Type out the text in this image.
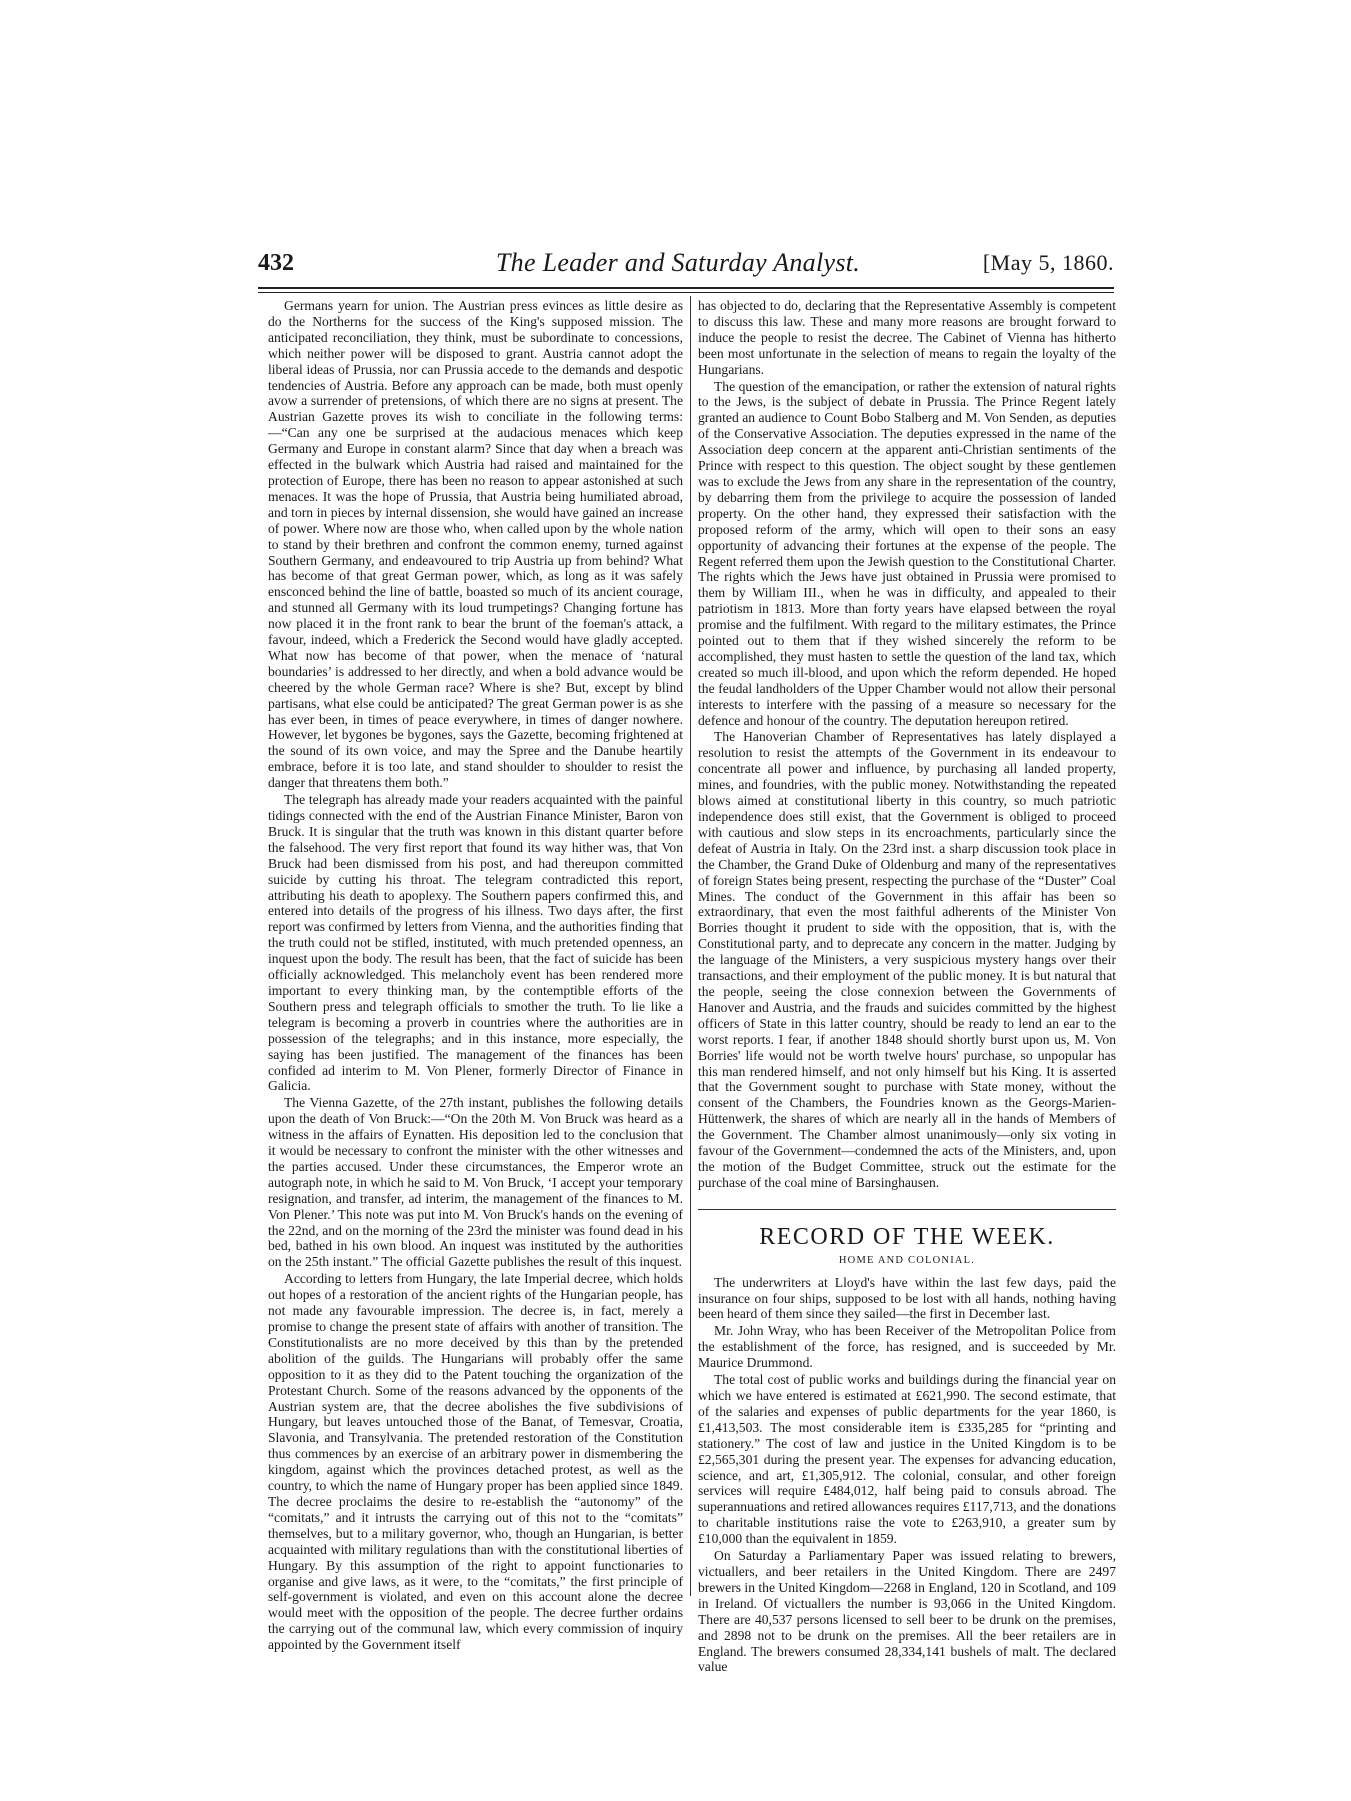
432	The Leader and Saturday Analyst.	[May 5, 1860.

Germans yearn for union. The Austrian press evinces as little desire as do the Northerns for the success of the King's supposed mission. The anticipated reconciliation, they think, must be subordinate to concessions, which neither power will be disposed to grant. Austria cannot adopt the liberal ideas of Prussia, nor can Prussia accede to the demands and despotic tendencies of Austria. Before any approach can be made, both must openly avow a surrender of pretensions, of which there are no signs at present. The Austrian Gazette proves its wish to conciliate in the following terms:—“Can any one be surprised at the audacious menaces which keep Germany and Europe in constant alarm? Since that day when a breach was effected in the bulwark which Austria had raised and maintained for the protection of Europe, there has been no reason to appear astonished at such menaces. It was the hope of Prussia, that Austria being humiliated abroad, and torn in pieces by internal dissension, she would have gained an increase of power. Where now are those who, when called upon by the whole nation to stand by their brethren and confront the common enemy, turned against Southern Germany, and endeavoured to trip Austria up from behind? What has become of that great German power, which, as long as it was safely ensconced behind the line of battle, boasted so much of its ancient courage, and stunned all Germany with its loud trumpetings? Changing fortune has now placed it in the front rank to bear the brunt of the foeman's attack, a favour, indeed, which a Frederick the Second would have gladly accepted. What now has become of that power, when the menace of ‘natural boundaries’ is addressed to her directly, and when a bold advance would be cheered by the whole German race? Where is she? But, except by blind partisans, what else could be anticipated? The great German power is as she has ever been, in times of peace everywhere, in times of danger nowhere. However, let bygones be bygones, says the Gazette, becoming frightened at the sound of its own voice, and may the Spree and the Danube heartily embrace, before it is too late, and stand shoulder to shoulder to resist the danger that threatens them both.”

The telegraph has already made your readers acquainted with the painful tidings connected with the end of the Austrian Finance Minister, Baron von Bruck. It is singular that the truth was known in this distant quarter before the falsehood. The very first report that found its way hither was, that Von Bruck had been dismissed from his post, and had thereupon committed suicide by cutting his throat. The telegram contradicted this report, attributing his death to apoplexy. The Southern papers confirmed this, and entered into details of the progress of his illness. Two days after, the first report was confirmed by letters from Vienna, and the authorities finding that the truth could not be stifled, instituted, with much pretended openness, an inquest upon the body. The result has been, that the fact of suicide has been officially acknowledged. This melancholy event has been rendered more important to every thinking man, by the contemptible efforts of the Southern press and telegraph officials to smother the truth. To lie like a telegram is becoming a proverb in countries where the authorities are in possession of the telegraphs; and in this instance, more especially, the saying has been justified. The management of the finances has been confided ad interim to M. Von Plener, formerly Director of Finance in Galicia.

The Vienna Gazette, of the 27th instant, publishes the following details upon the death of Von Bruck:—“On the 20th M. Von Bruck was heard as a witness in the affairs of Eynatten. His deposition led to the conclusion that it would be necessary to confront the minister with the other witnesses and the parties accused. Under these circumstances, the Emperor wrote an autograph note, in which he said to M. Von Bruck, ‘I accept your temporary resignation, and transfer, ad interim, the management of the finances to M. Von Plener.’ This note was put into M. Von Bruck's hands on the evening of the 22nd, and on the morning of the 23rd the minister was found dead in his bed, bathed in his own blood. An inquest was instituted by the authorities on the 25th instant.” The official Gazette publishes the result of this inquest.

According to letters from Hungary, the late Imperial decree, which holds out hopes of a restoration of the ancient rights of the Hungarian people, has not made any favourable impression. The decree is, in fact, merely a promise to change the present state of affairs with another of transition. The Constitutionalists are no more deceived by this than by the pretended abolition of the guilds. The Hungarians will probably offer the same opposition to it as they did to the Patent touching the organization of the Protestant Church. Some of the reasons advanced by the opponents of the Austrian system are, that the decree abolishes the five subdivisions of Hungary, but leaves untouched those of the Banat, of Temesvar, Croatia, Slavonia, and Transylvania. The pretended restoration of the Constitution thus commences by an exercise of an arbitrary power in dismembering the kingdom, against which the provinces detached protest, as well as the country, to which the name of Hungary proper has been applied since 1849. The decree proclaims the desire to re-establish the “autonomy” of the “comitats,” and it intrusts the carrying out of this not to the “comitats” themselves, but to a military governor, who, though an Hungarian, is better acquainted with military regulations than with the constitutional liberties of Hungary. By this assumption of the right to appoint functionaries to organise and give laws, as it were, to the “comitats,” the first principle of self-government is violated, and even on this account alone the decree would meet with the opposition of the people. The decree further ordains the carrying out of the communal law, which every commission of inquiry appointed by the Government itself

has objected to do, declaring that the Representative Assembly is competent to discuss this law. These and many more reasons are brought forward to induce the people to resist the decree. The Cabinet of Vienna has hitherto been most unfortunate in the selection of means to regain the loyalty of the Hungarians.

The question of the emancipation, or rather the extension of natural rights to the Jews, is the subject of debate in Prussia. The Prince Regent lately granted an audience to Count Bobo Stalberg and M. Von Senden, as deputies of the Conservative Association. The deputies expressed in the name of the Association deep concern at the apparent anti-Christian sentiments of the Prince with respect to this question. The object sought by these gentlemen was to exclude the Jews from any share in the representation of the country, by debarring them from the privilege to acquire the possession of landed property. On the other hand, they expressed their satisfaction with the proposed reform of the army, which will open to their sons an easy opportunity of advancing their fortunes at the expense of the people. The Regent referred them upon the Jewish question to the Constitutional Charter. The rights which the Jews have just obtained in Prussia were promised to them by William III., when he was in difficulty, and appealed to their patriotism in 1813. More than forty years have elapsed between the royal promise and the fulfilment. With regard to the military estimates, the Prince pointed out to them that if they wished sincerely the reform to be accomplished, they must hasten to settle the question of the land tax, which created so much ill-blood, and upon which the reform depended. He hoped the feudal landholders of the Upper Chamber would not allow their personal interests to interfere with the passing of a measure so necessary for the defence and honour of the country. The deputation hereupon retired.

The Hanoverian Chamber of Representatives has lately displayed a resolution to resist the attempts of the Government in its endeavour to concentrate all power and influence, by purchasing all landed property, mines, and foundries, with the public money. Notwithstanding the repeated blows aimed at constitutional liberty in this country, so much patriotic independence does still exist, that the Government is obliged to proceed with cautious and slow steps in its encroachments, particularly since the defeat of Austria in Italy. On the 23rd inst. a sharp discussion took place in the Chamber, the Grand Duke of Oldenburg and many of the representatives of foreign States being present, respecting the purchase of the “Duster” Coal Mines. The conduct of the Government in this affair has been so extraordinary, that even the most faithful adherents of the Minister Von Borries thought it prudent to side with the opposition, that is, with the Constitutional party, and to deprecate any concern in the matter. Judging by the language of the Ministers, a very suspicious mystery hangs over their transactions, and their employment of the public money. It is but natural that the people, seeing the close connexion between the Governments of Hanover and Austria, and the frauds and suicides committed by the highest officers of State in this latter country, should be ready to lend an ear to the worst reports. I fear, if another 1848 should shortly burst upon us, M. Von Borries' life would not be worth twelve hours' purchase, so unpopular has this man rendered himself, and not only himself but his King. It is asserted that the Government sought to purchase with State money, without the consent of the Chambers, the Foundries known as the Georgs-Marien-Hüttenwerk, the shares of which are nearly all in the hands of Members of the Government. The Chamber almost unanimously—only six voting in favour of the Government—condemned the acts of the Ministers, and, upon the motion of the Budget Committee, struck out the estimate for the purchase of the coal mine of Barsinghausen.

RECORD OF THE WEEK.
HOME AND COLONIAL.

The underwriters at Lloyd's have within the last few days, paid the insurance on four ships, supposed to be lost with all hands, nothing having been heard of them since they sailed—the first in December last.

Mr. John Wray, who has been Receiver of the Metropolitan Police from the establishment of the force, has resigned, and is succeeded by Mr. Maurice Drummond.

The total cost of public works and buildings during the financial year on which we have entered is estimated at £621,990. The second estimate, that of the salaries and expenses of public departments for the year 1860, is £1,413,503. The most considerable item is £335,285 for “printing and stationery.” The cost of law and justice in the United Kingdom is to be £2,565,301 during the present year. The expenses for advancing education, science, and art, £1,305,912. The colonial, consular, and other foreign services will require £484,012, half being paid to consuls abroad. The superannuations and retired allowances requires £117,713, and the donations to charitable institutions raise the vote to £263,910, a greater sum by £10,000 than the equivalent in 1859.

On Saturday a Parliamentary Paper was issued relating to brewers, victuallers, and beer retailers in the United Kingdom. There are 2497 brewers in the United Kingdom—2268 in England, 120 in Scotland, and 109 in Ireland. Of victuallers the number is 93,066 in the United Kingdom. There are 40,537 persons licensed to sell beer to be drunk on the premises, and 2898 not to be drunk on the premises. All the beer retailers are in England. The brewers consumed 28,334,141 bushels of malt. The declared value
